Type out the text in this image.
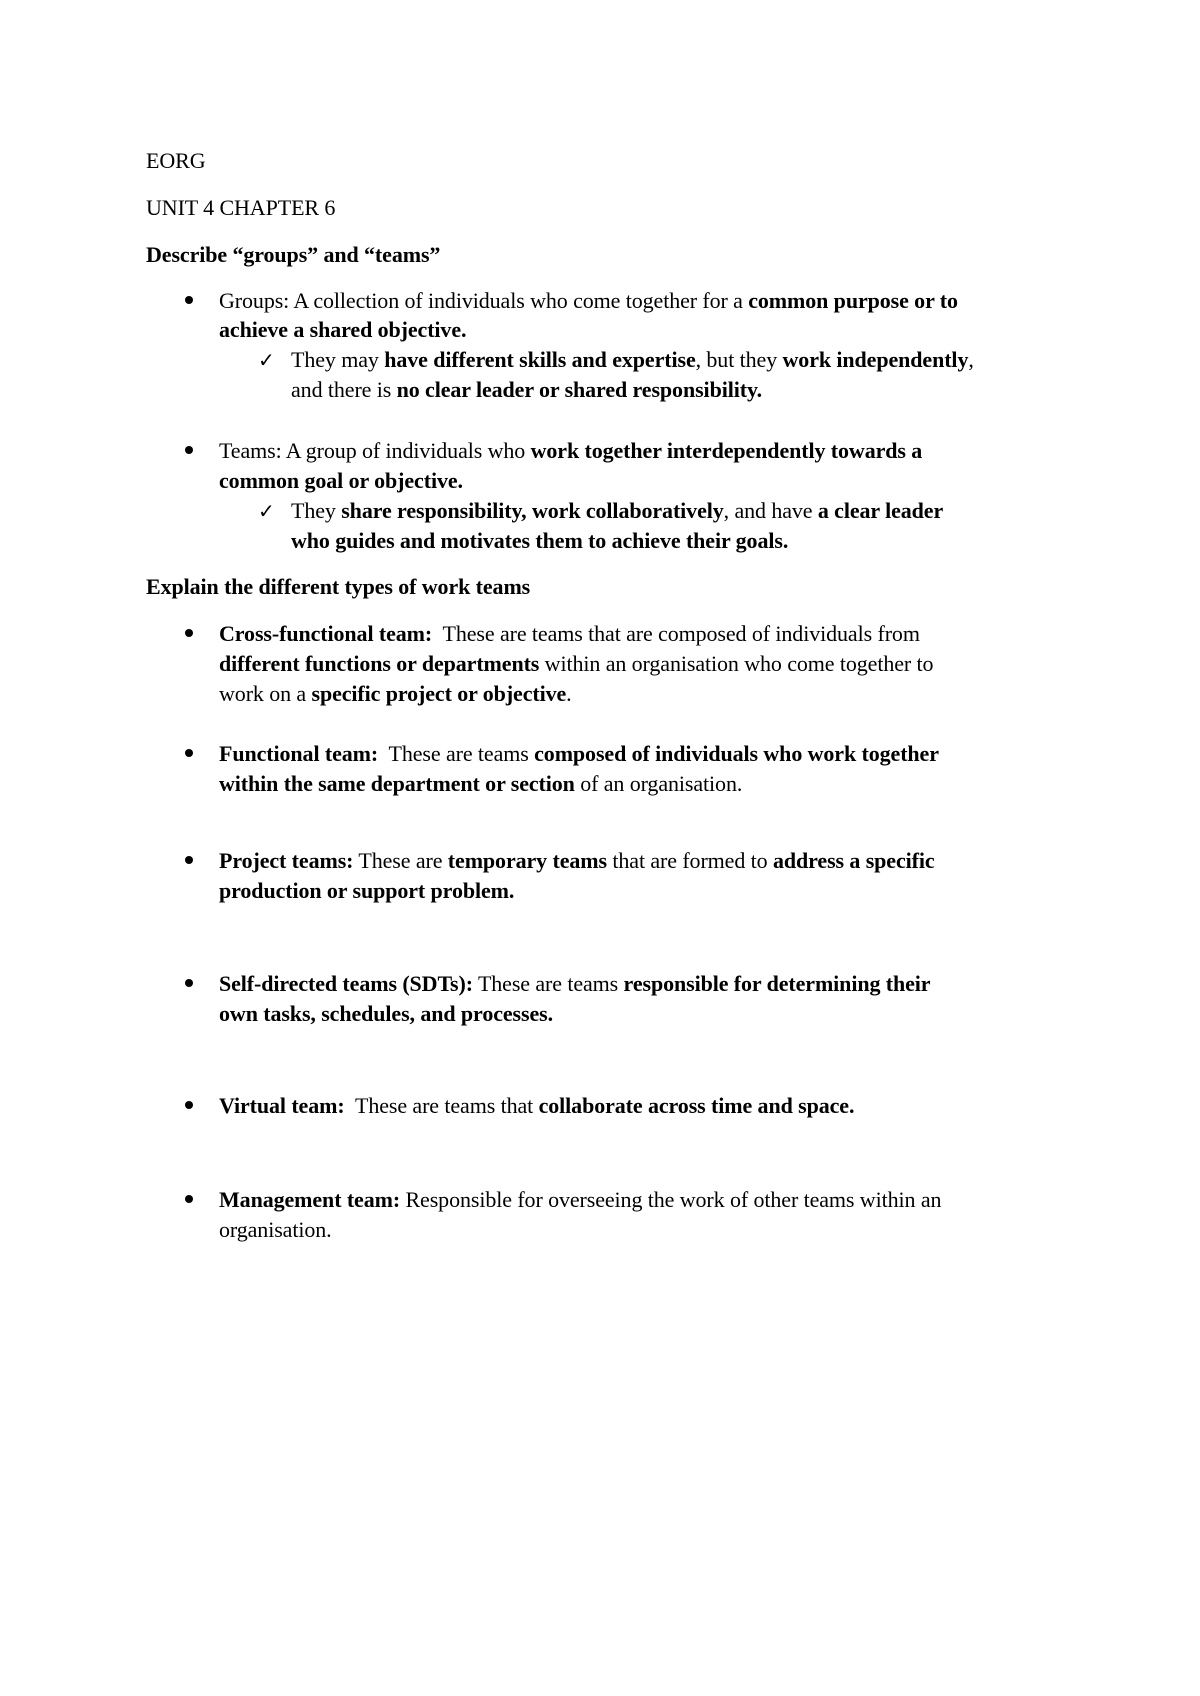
EORG
UNIT 4 CHAPTER 6
Describe “groups” and “teams”
Groups: A collection of individuals who come together for a common purpose or to
achieve a shared objective.
✓ They may have different skills and expertise, but they work independently,
and there is no clear leader or shared responsibility.
Teams: A group of individuals who work together interdependently towards a
common goal or objective.
✓ They share responsibility, work collaboratively, and have a clear leader
who guides and motivates them to achieve their goals.
Explain the different types of work teams
Cross-functional team:  These are teams that are composed of individuals from
different functions or departments within an organisation who come together to
work on a specific project or objective.
Functional team:  These are teams composed of individuals who work together
within the same department or section of an organisation.
Project teams: These are temporary teams that are formed to address a specific
production or support problem.
Self-directed teams (SDTs): These are teams responsible for determining their
own tasks, schedules, and processes.
Virtual team:  These are teams that collaborate across time and space.
Management team: Responsible for overseeing the work of other teams within an
organisation.
